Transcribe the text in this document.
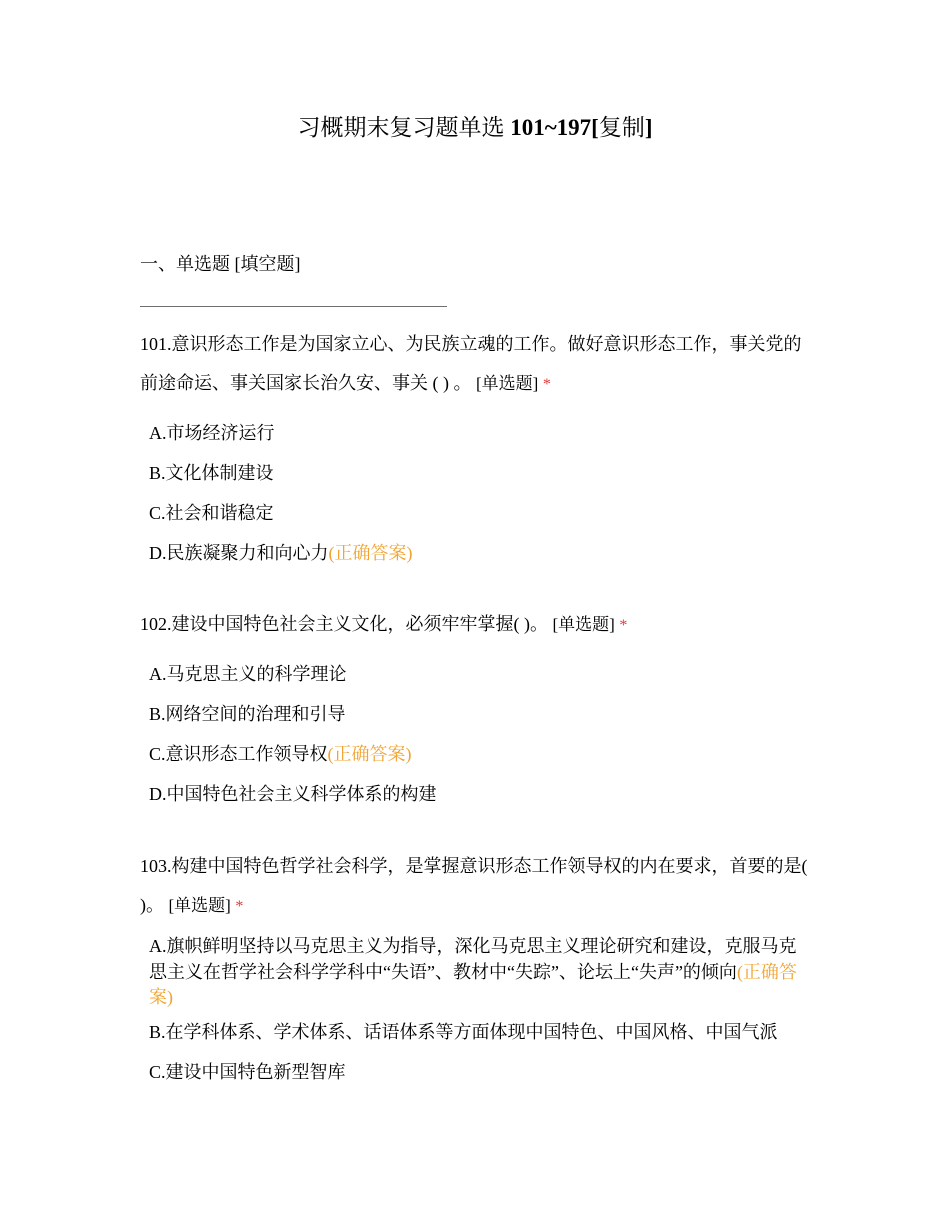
习概期末复习题单选 101~197[复制]
一、单选题 [填空题]

101.意识形态工作是为国家立心、为民族立魂的工作。做好意识形态工作，事关党的前途命运、事关国家长治久安、事关 ( ) 。 [单选题] *

A.市场经济运行
B.文化体制建设
C.社会和谐稳定
D.民族凝聚力和向心力(正确答案)

102.建设中国特色社会主义文化，必须牢牢掌握( )。 [单选题] *

A.马克思主义的科学理论
B.网络空间的治理和引导
C.意识形态工作领导权(正确答案)
D.中国特色社会主义科学体系的构建

103.构建中国特色哲学社会科学，是掌握意识形态工作领导权的内在要求，首要的是( )。 [单选题] *

A.旗帜鲜明坚持以马克思主义为指导，深化马克思主义理论研究和建设，克服马克思主义在哲学社会科学学科中“失语”、教材中“失踪”、论坛上“失声”的倾向(正确答案)
B.在学科体系、学术体系、话语体系等方面体现中国特色、中国风格、中国气派
C.建设中国特色新型智库
